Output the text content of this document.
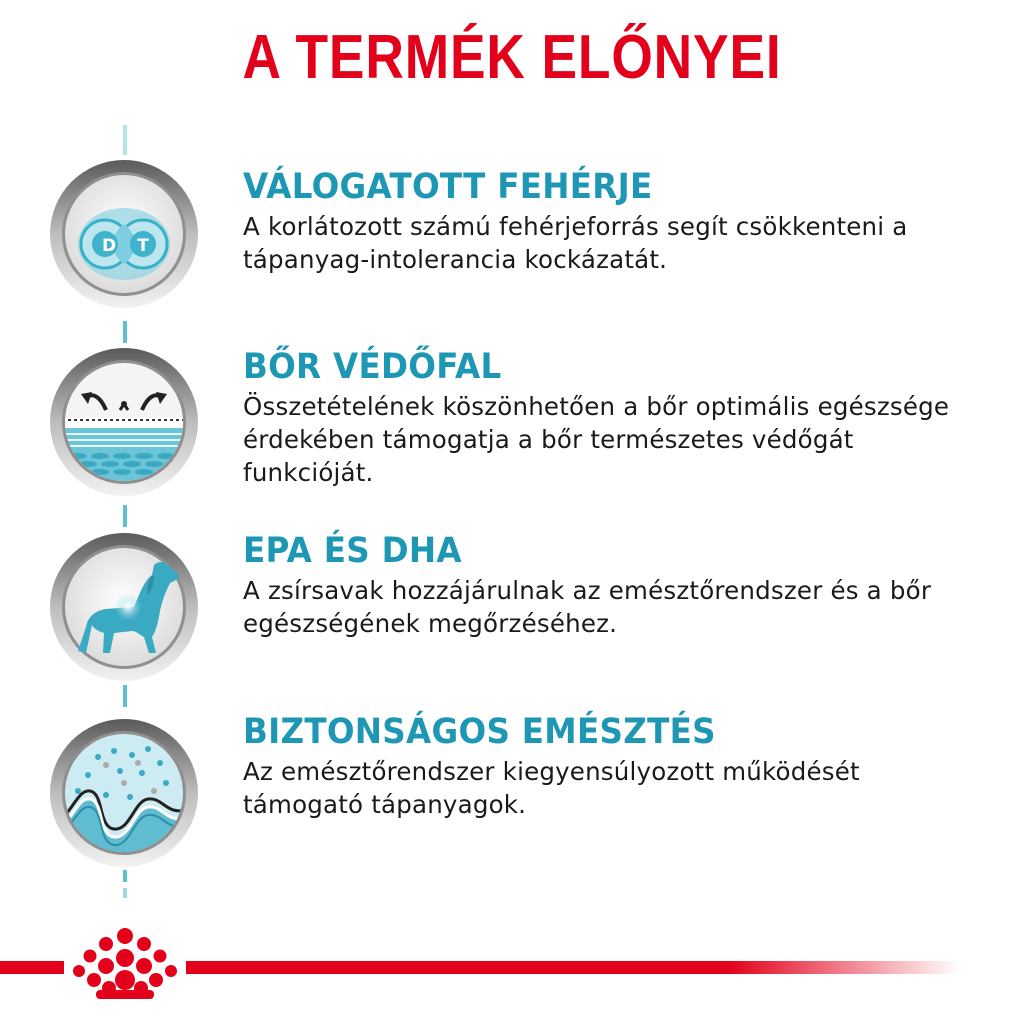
A TERMÉK ELŐNYEI
D T
VÁLOGATOTT FEHÉRJE

A korlátozott számú fehérjeforrás segít csökkenteni a tápanyag-intolerancia kockázatát.

BŐR VÉDŐFAL

Összetételének köszönhetően a bőr optimális egészsége érdekében támogatja a bőr természetes védőgát funkcióját.

EPA ÉS DHA

A zsírsavak hozzájárulnak az emésztőrendszer és a bőr egészségének megőrzéséhez.

BIZTONSÁGOS EMÉSZTÉS

Az emésztőrendszer kiegyensúlyozott működését támogató tápanyagok.
